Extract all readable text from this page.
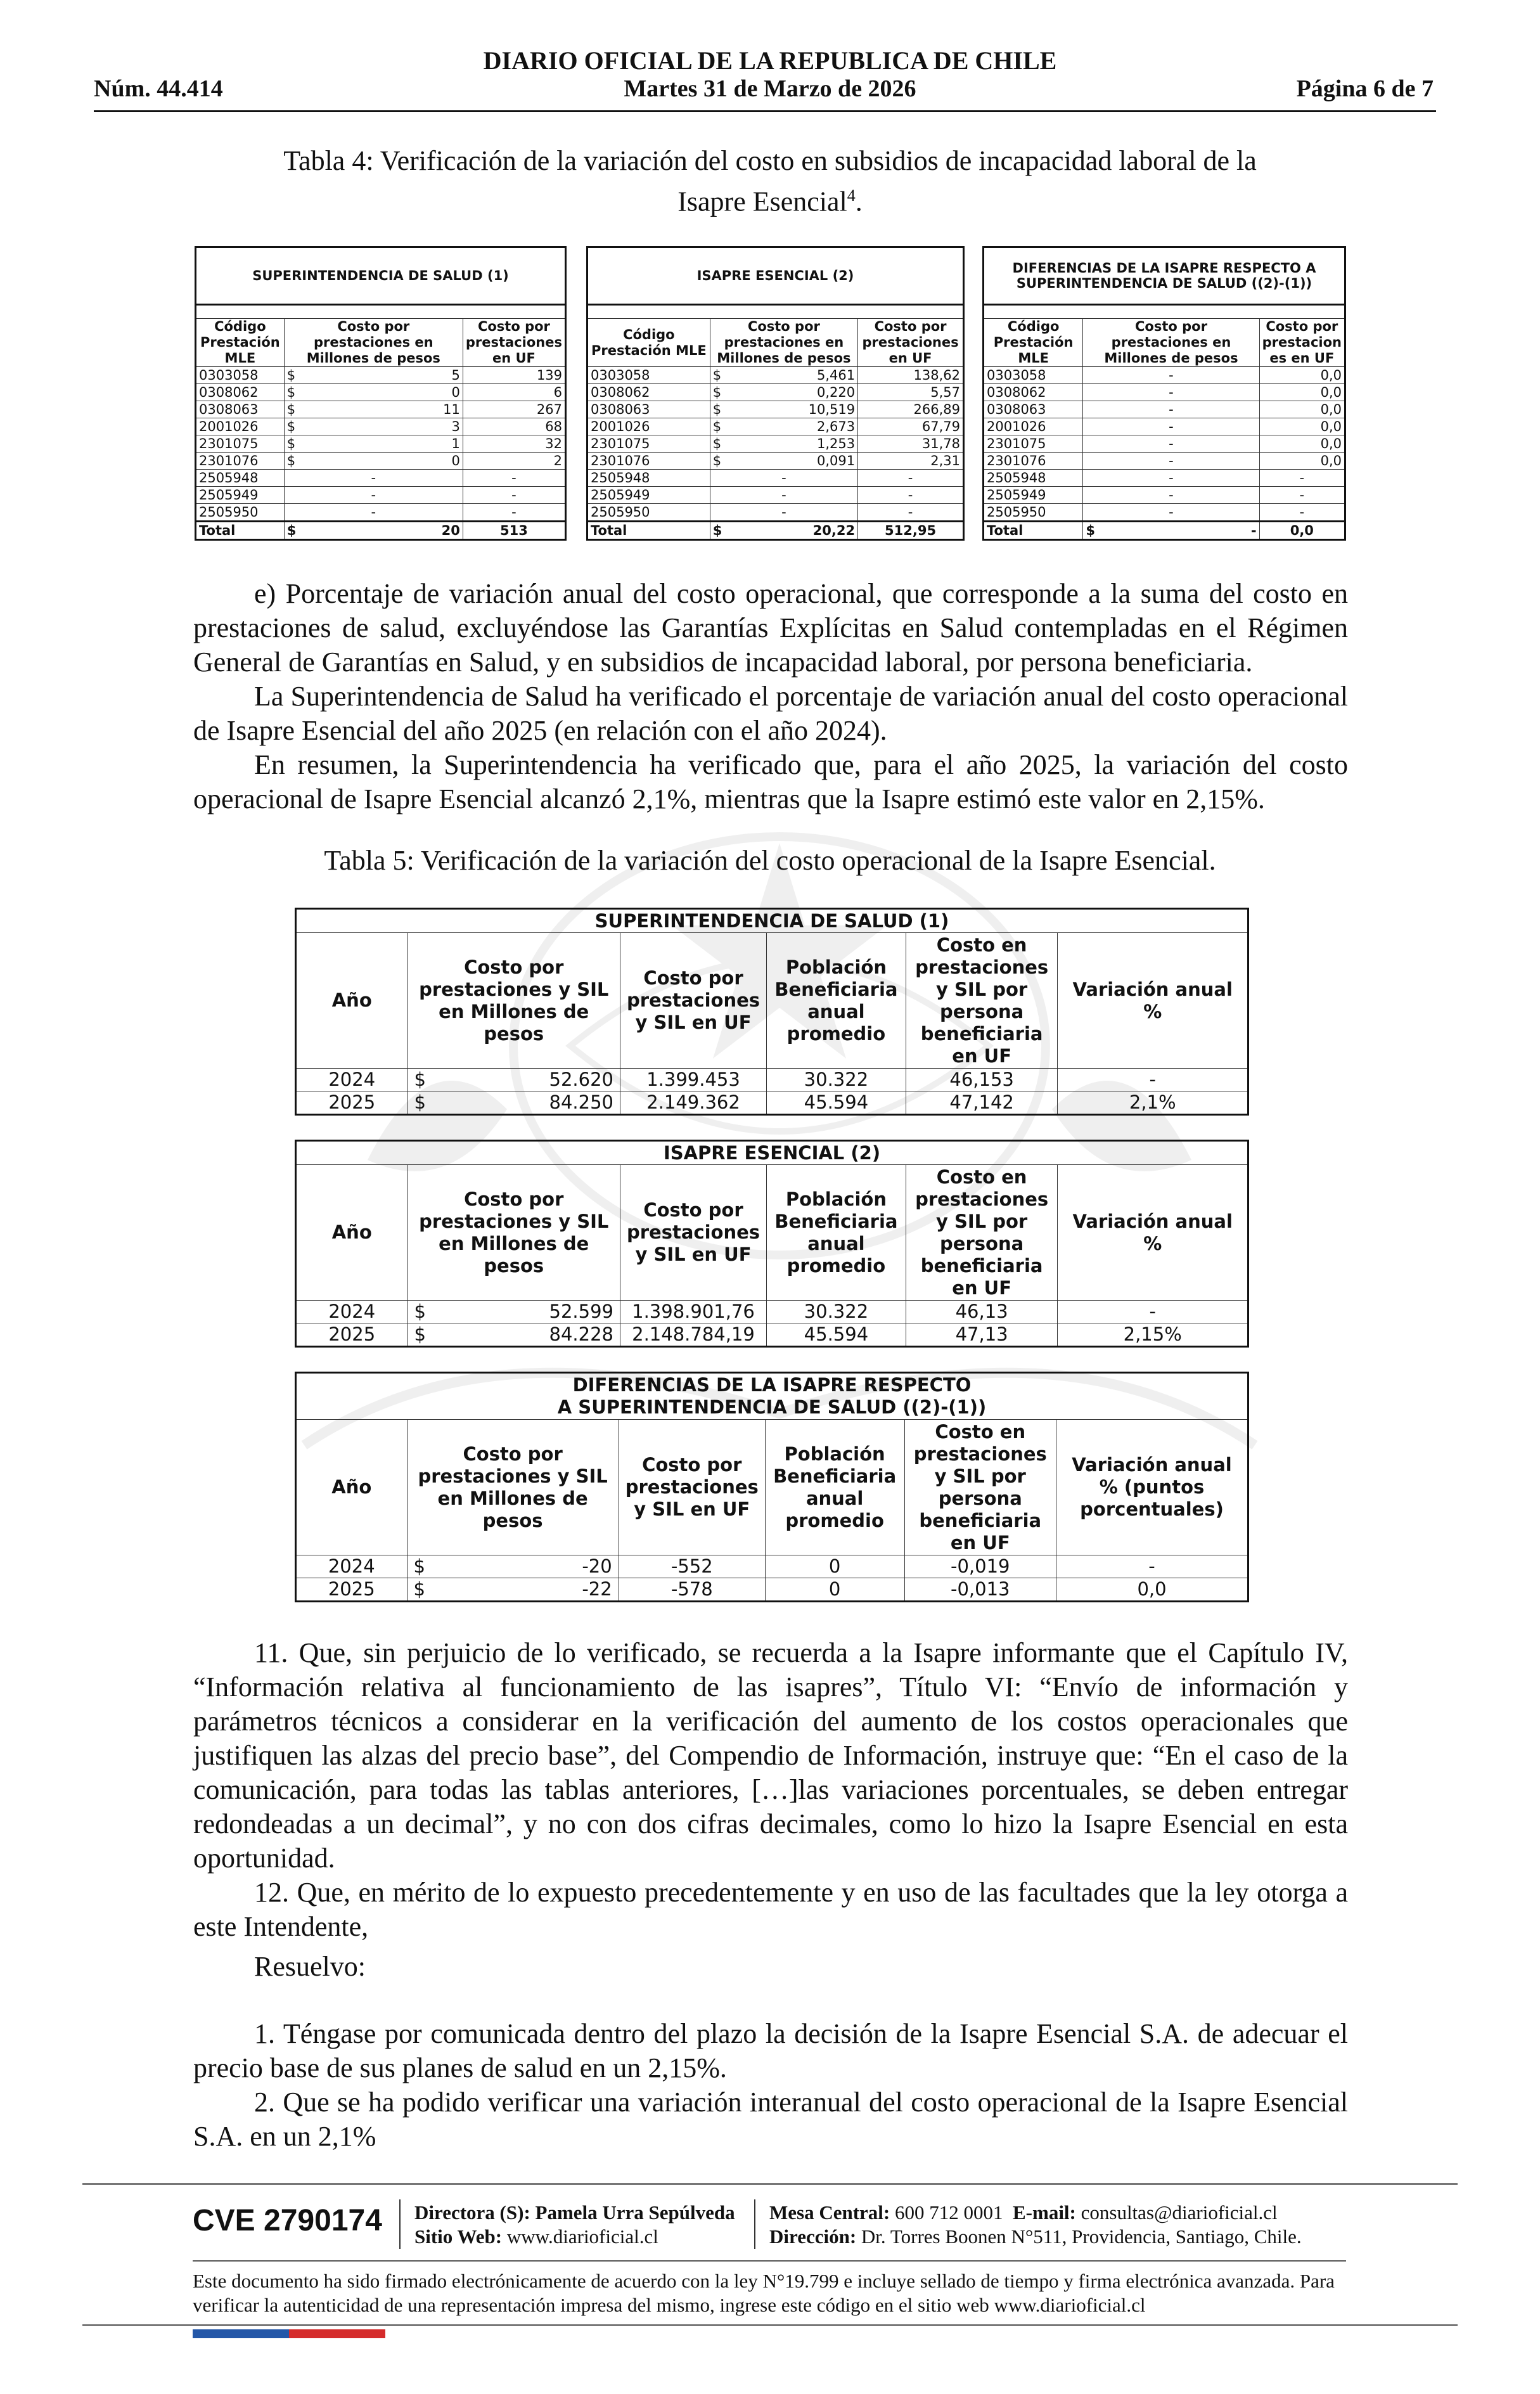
DIARIO OFICIAL DE LA REPUBLICA DE CHILE
Núm. 44.414	Martes 31 de Marzo de 2026	Página 6 de 7
Tabla 4: Verificación de la variación del costo en subsidios de incapacidad laboral de la
Isapre Esencial$^4$.
SUPERINTENDENCIA DE SALUD (1)		

Código Prestación MLE	Costo por prestaciones en Millones de pesos	Costo por prestaciones en UF
0303058	$ 5	139
0308062	$ 0	6
0308063	$ 11	267
2001026	$ 3	68
2301075	$ 1	32
2301076	$ 0	2
2505948	-	-
2505949	-	-
2505950	-	-
Total	$ 20	513
ISAPRE ESENCIAL (2)		

Código Prestación MLE	Costo por prestaciones en Millones de pesos	Costo por prestaciones en UF
0303058	$ 5,461	138,62
0308062	$ 0,220	5,57
0308063	$ 10,519	266,89
2001026	$ 2,673	67,79
2301075	$ 1,253	31,78
2301076	$ 0,091	2,31
2505948	-	-
2505949	-	-
2505950	-	-
Total	$ 20,22	512,95
DIFERENCIAS DE LA ISAPRE RESPECTO A SUPERINTENDENCIA DE SALUD ((2)-(1))		

Código Prestación MLE	Costo por prestaciones en Millones de pesos	Costo por prestacion es en UF
0303058	-	0,0
0308062	-	0,0
0308063	-	0,0
2001026	-	0,0
2301075	-	0,0
2301076	-	0,0
2505948	-	-
2505949	-	-
2505950	-	-
Total	$ -	0,0

e) Porcentaje de variación anual del costo operacional, que corresponde a la suma del costo en prestaciones de salud, excluyéndose las Garantías Explícitas en Salud contempladas en el Régimen General de Garantías en Salud, y en subsidios de incapacidad laboral, por persona beneficiaria.

La Superintendencia de Salud ha verificado el porcentaje de variación anual del costo operacional de Isapre Esencial del año 2025 (en relación con el año 2024).

En resumen, la Superintendencia ha verificado que, para el año 2025, la variación del costo operacional de Isapre Esencial alcanzó 2,1%, mientras que la Isapre estimó este valor en 2,15%.

Tabla 5: Verificación de la variación del costo operacional de la Isapre Esencial.
SUPERINTENDENCIA DE SALUD (1)					
Año	Costo por prestaciones y SIL en Millones de pesos	Costo por prestaciones y SIL en UF	Población Beneficiaria anual promedio	Costo en prestaciones y SIL por persona beneficiaria en UF	Variación anual %
2024	$ 52.620	1.399.453	30.322	46,153	-
2025	$ 84.250	2.149.362	45.594	47,142	2,1%
ISAPRE ESENCIAL (2)					
Año	Costo por prestaciones y SIL en Millones de pesos	Costo por prestaciones y SIL en UF	Población Beneficiaria anual promedio	Costo en prestaciones y SIL por persona beneficiaria en UF	Variación anual %
2024	$ 52.599	1.398.901,76	30.322	46,13	-
2025	$ 84.228	2.148.784,19	45.594	47,13	2,15%
DIFERENCIAS DE LA ISAPRE RESPECTO
A SUPERINTENDENCIA DE SALUD ((2)-(1))					

Año	Costo por prestaciones y SIL en Millones de pesos	Costo por prestaciones y SIL en UF	Población Beneficiaria anual promedio	Costo en prestaciones y SIL por persona beneficiaria en UF	Variación anual % (puntos porcentuales)
2024	$ -20	-552	0	-0,019	-
2025	$ -22	-578	0	-0,013	0,0

11. Que, sin perjuicio de lo verificado, se recuerda a la Isapre informante que el Capítulo IV, “Información relativa al funcionamiento de las isapres”, Título VI: “Envío de información y parámetros técnicos a considerar en la verificación del aumento de los costos operacionales que justifiquen las alzas del precio base”, del Compendio de Información, instruye que: “En el caso de la comunicación, para todas las tablas anteriores, […]las variaciones porcentuales, se deben entregar redondeadas a un decimal”, y no con dos cifras decimales, como lo hizo la Isapre Esencial en esta oportunidad.

12. Que, en mérito de lo expuesto precedentemente y en uso de las facultades que la ley otorga a este Intendente,

Resuelvo:

1. Téngase por comunicada dentro del plazo la decisión de la Isapre Esencial S.A. de adecuar el precio base de sus planes de salud en un 2,15%.

2. Que se ha podido verificar una variación interanual del costo operacional de la Isapre Esencial S.A. en un 2,1%

CVE 2790174 Directora (S): Pamela Urra Sepúlveda
Sitio Web: www.diarioficial.cl
Mesa Central: 600 712 0001 E-mail: consultas@diarioficial.cl
Dirección: Dr. Torres Boonen N°511, Providencia, Santiago, Chile.
Este documento ha sido firmado electrónicamente de acuerdo con la ley N°19.799 e incluye sellado de tiempo y firma electrónica avanzada. Para verificar la autenticidad de una representación impresa del mismo, ingrese este código en el sitio web www.diarioficial.cl
